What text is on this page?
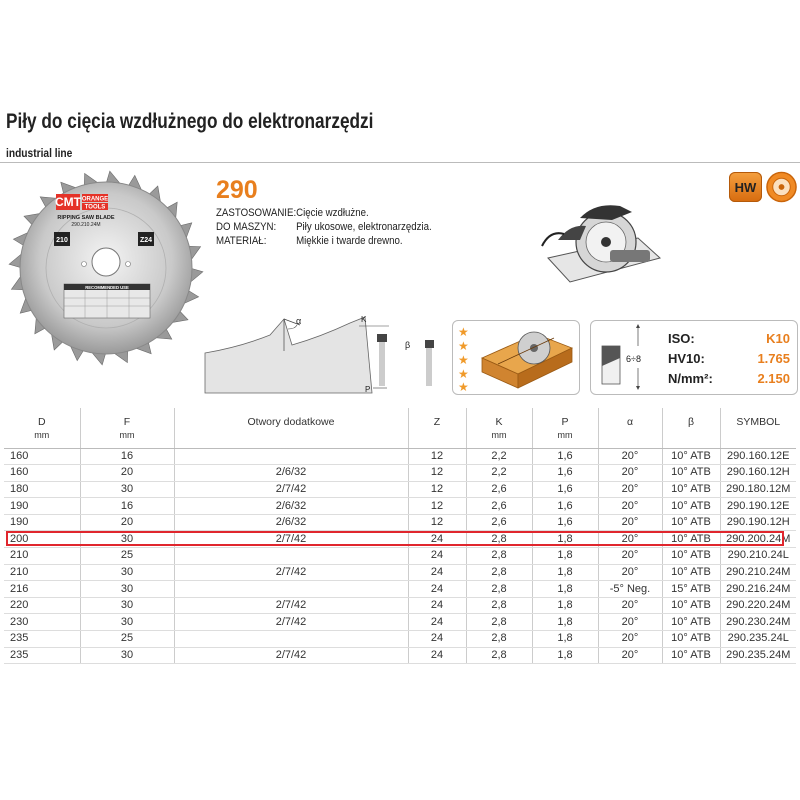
Piły do cięcia wzdłużnego do elektronarzędzi
industrial line
CMT ORANGE
TOOLS
RIPPING SAW BLADE
290.210.24M
210	Z24
RECOMMENDED USE
290
ZASTOSOWANIE:Cięcie wzdłużne.
DO MASZYN: Piły ukosowe, elektronarzędzia.
MATERIAŁ:	Miękkie i twarde drewno.
HW
α	K
P
β
★
★
★
★
★
6÷8
ISO:	K10
HV10:	1.765
N/mm²:	2.150
D
mm	F
mm	Otwory dodatkowe	Z	K
mm	P
mm	α	β	SYMBOL
160	16		12	2,2	1,6	20°	10° ATB	290.160.12E
160	20	2/6/32	12	2,2	1,6	20°	10° ATB	290.160.12H
180	30	2/7/42	12	2,6	1,6	20°	10° ATB	290.180.12M
190	16	2/6/32	12	2,6	1,6	20°	10° ATB	290.190.12E
190	20	2/6/32	12	2,6	1,6	20°	10° ATB	290.190.12H
200	30	2/7/42	24	2,8	1,8	20°	10° ATB	290.200.24M
210	25		24	2,8	1,8	20°	10° ATB	290.210.24L
210	30	2/7/42	24	2,8	1,8	20°	10° ATB	290.210.24M
216	30		24	2,8	1,8	-5° Neg.	15° ATB	290.216.24M
220	30	2/7/42	24	2,8	1,8	20°	10° ATB	290.220.24M
230	30	2/7/42	24	2,8	1,8	20°	10° ATB	290.230.24M
235	25		24	2,8	1,8	20°	10° ATB	290.235.24L
235	30	2/7/42	24	2,8	1,8	20°	10° ATB	290.235.24M
